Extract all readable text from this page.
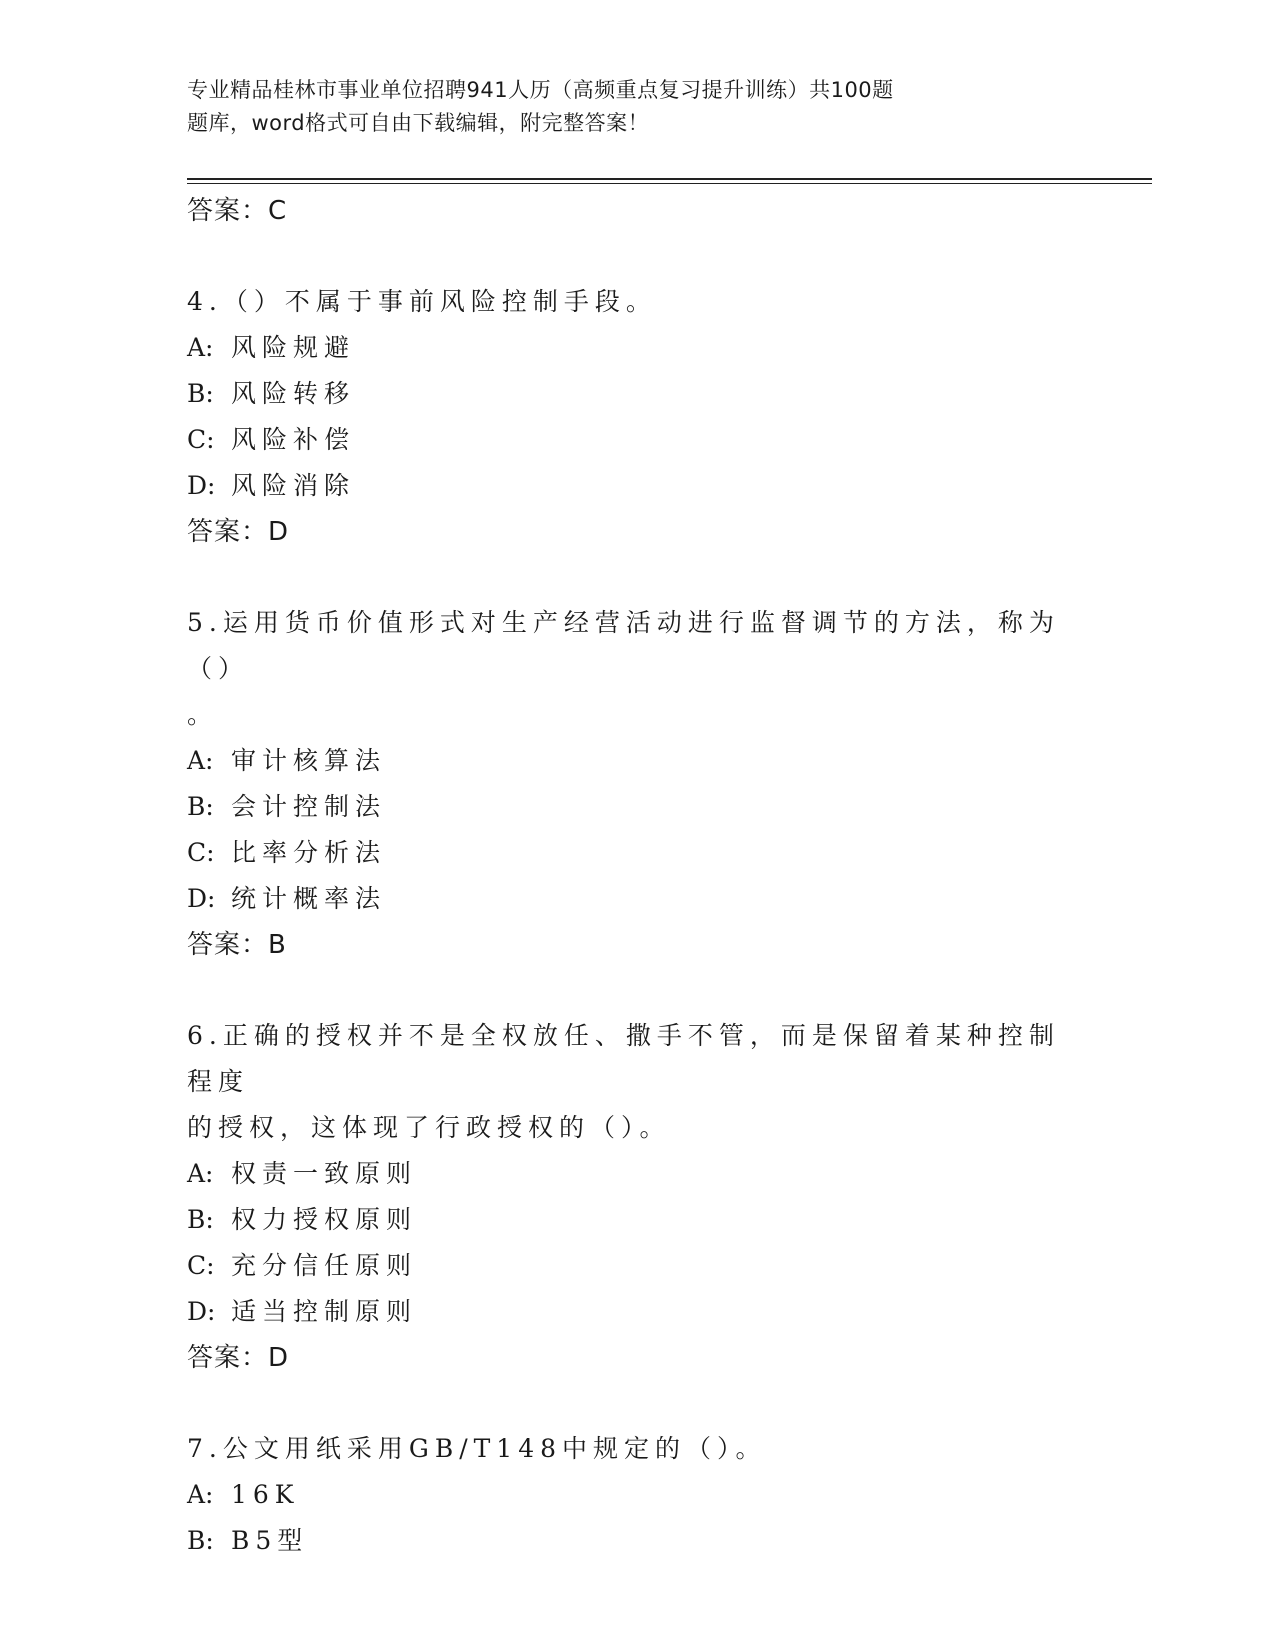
专业精品桂林市事业单位招聘941人历（高频重点复习提升训练）共100题
题库，word格式可自由下载编辑，附完整答案！
答案：C
4.（）不属于事前风险控制手段。
A: 风险规避
B: 风险转移
C: 风险补偿
D: 风险消除
答案：D
5.运用货币价值形式对生产经营活动进行监督调节的方法，称为（）
。
A: 审计核算法
B: 会计控制法
C: 比率分析法
D: 统计概率法
答案：B
6.正确的授权并不是全权放任、撒手不管，而是保留着某种控制程度
的授权，这体现了行政授权的（）。
A: 权责一致原则
B: 权力授权原则
C: 充分信任原则
D: 适当控制原则
答案：D
7.公文用纸采用GB/T148中规定的（）。
A: 16K
B: B5型
